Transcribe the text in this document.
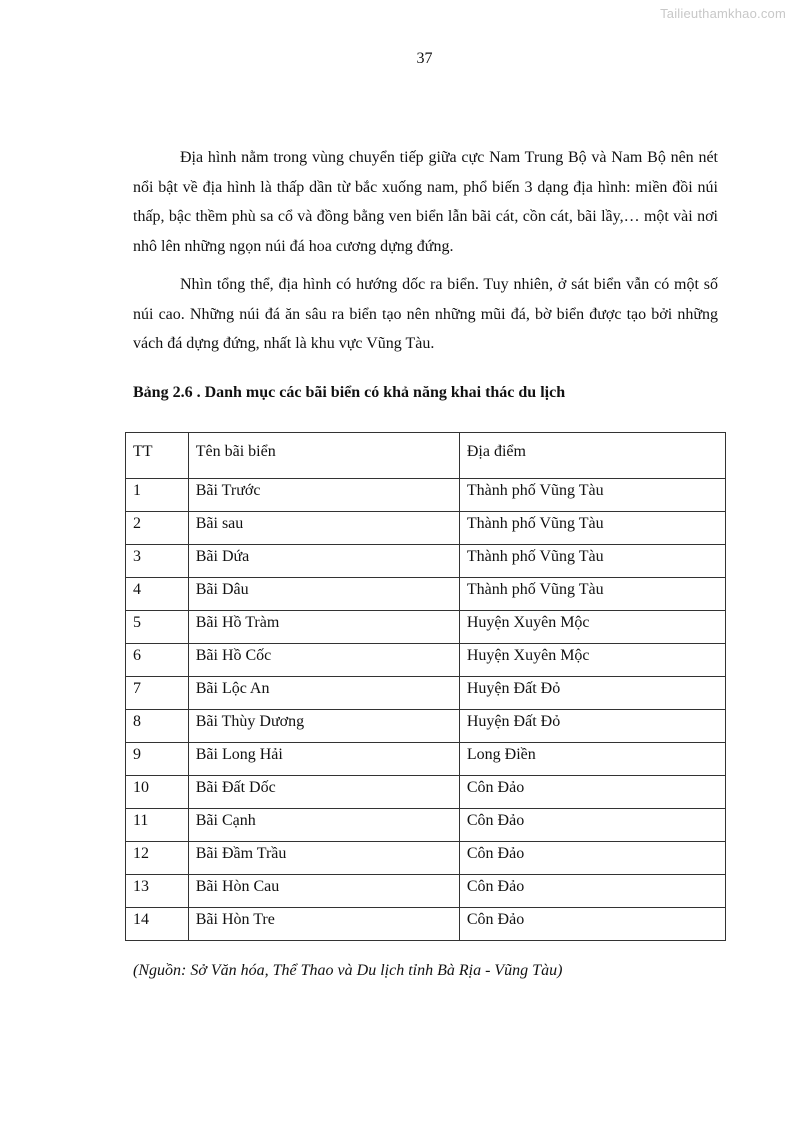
Tailieuthamkhao.com
37

Địa hình nằm trong vùng chuyển tiếp giữa cực Nam Trung Bộ và Nam Bộ nên nét nổi bật về địa hình là thấp dần từ bắc xuống nam, phổ biến 3 dạng địa hình: miền đồi núi thấp, bậc thềm phù sa cổ và đồng bằng ven biển lẫn bãi cát, cồn cát, bãi lầy,… một vài nơi nhô lên những ngọn núi đá hoa cương dựng đứng.

Nhìn tổng thể, địa hình có hướng dốc ra biển. Tuy nhiên, ở sát biển vẫn có một số núi cao. Những núi đá ăn sâu ra biển tạo nên những mũi đá, bờ biển được tạo bởi những vách đá dựng đứng, nhất là khu vực Vũng Tàu.

Bảng 2.6 . Danh mục các bãi biển có khả năng khai thác du lịch

TT	Tên bãi biển	Địa điểm
1	Bãi Trước	Thành phố Vũng Tàu
2	Bãi sau	Thành phố Vũng Tàu
3	Bãi Dứa	Thành phố Vũng Tàu
4	Bãi Dâu	Thành phố Vũng Tàu
5	Bãi Hồ Tràm	Huyện Xuyên Mộc
6	Bãi Hồ Cốc	Huyện Xuyên Mộc
7	Bãi Lộc An	Huyện Đất Đỏ
8	Bãi Thùy Dương	Huyện Đất Đỏ
9	Bãi Long Hải	Long Điền
10	Bãi Đất Dốc	Côn Đảo
11	Bãi Cạnh	Côn Đảo
12	Bãi Đầm Trầu	Côn Đảo
13	Bãi Hòn Cau	Côn Đảo
14	Bãi Hòn Tre	Côn Đảo

(Nguồn: Sở Văn hóa, Thể Thao và Du lịch tỉnh Bà Rịa - Vũng Tàu)
